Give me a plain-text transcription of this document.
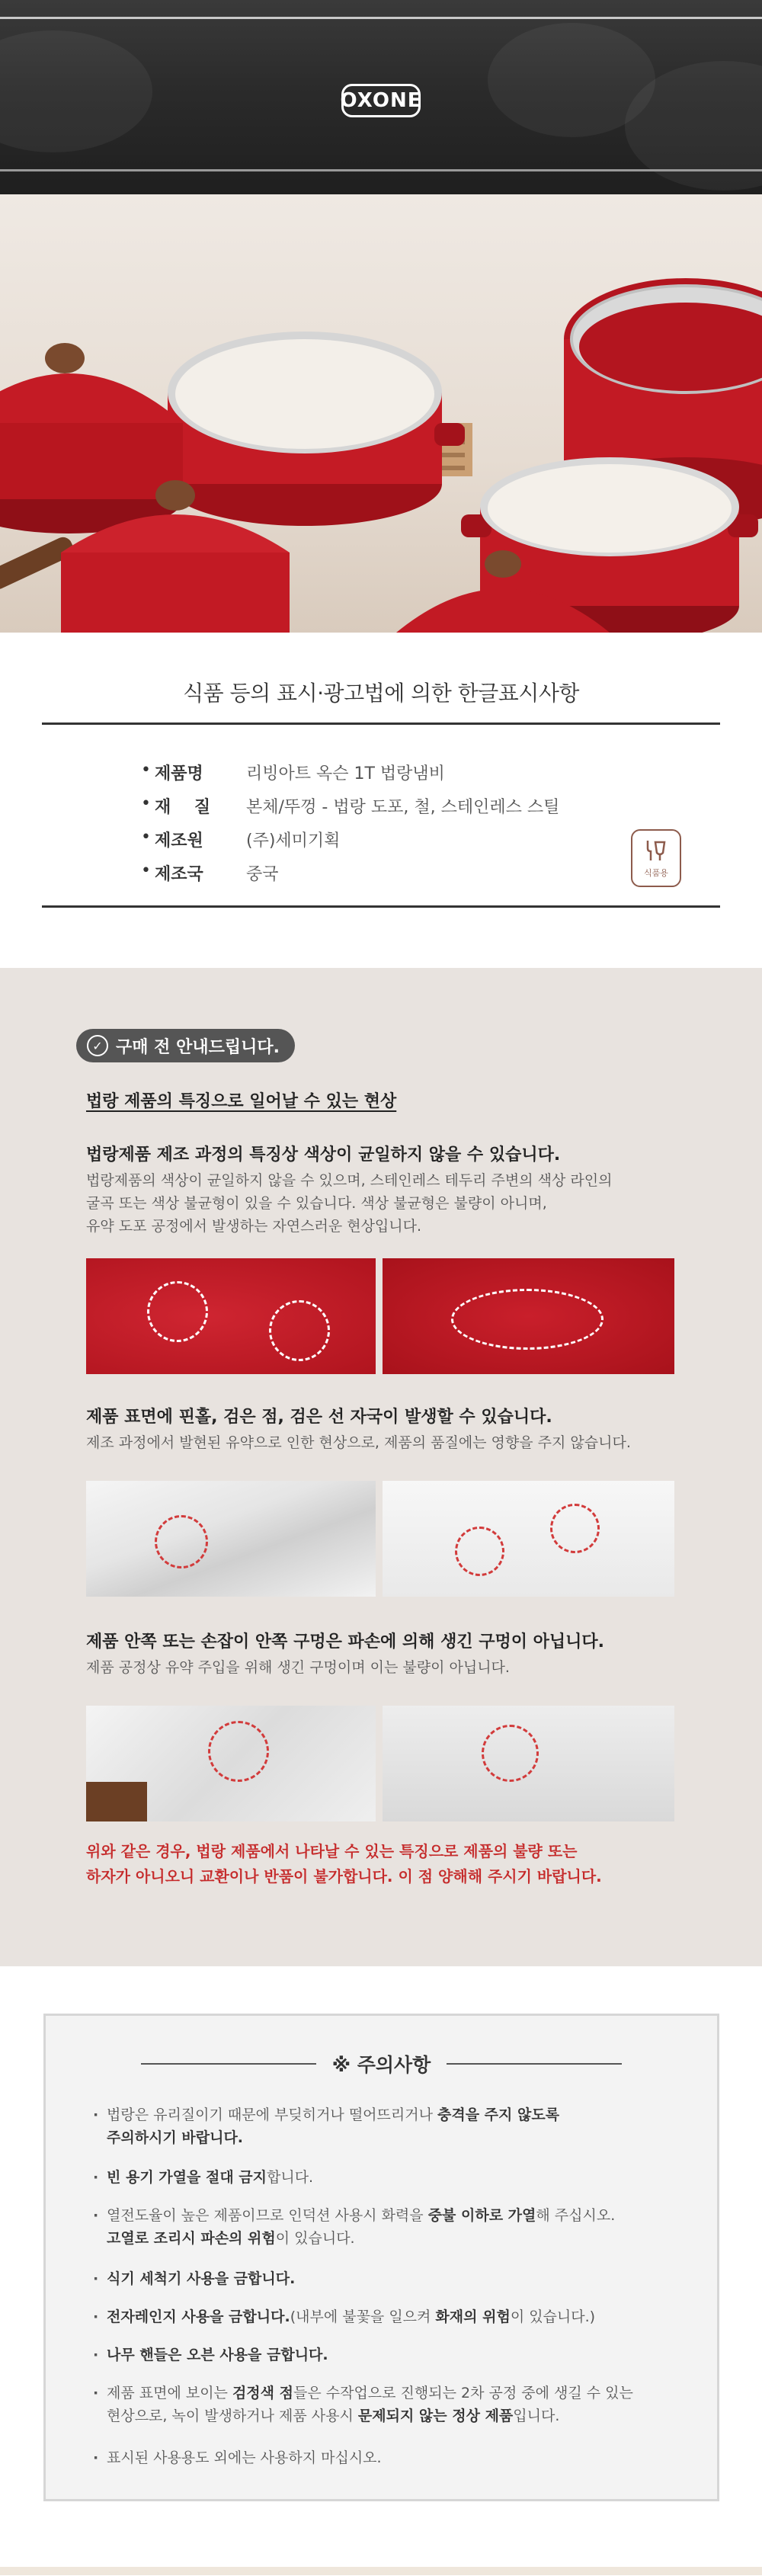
OXONE
식품 등의 표시·광고법에 의한 한글표시사항
• 제품명	리빙아트 옥슨 1T 법랑냄비
• 재    질	본체/뚜껑 - 법랑 도포, 철, 스테인레스 스틸
• 제조원	(주)세미기획
• 제조국	중국	식품용
✓ 구매 전 안내드립니다.
법랑 제품의 특징으로 일어날 수 있는 현상
법랑제품 제조 과정의 특징상 색상이 균일하지 않을 수 있습니다.
법랑제품의 색상이 균일하지 않을 수 있으며, 스테인레스 테두리 주변의 색상 라인의
굴곡 또는 색상 불균형이 있을 수 있습니다. 색상 불균형은 불량이 아니며,
유약 도포 공정에서 발생하는 자연스러운 현상입니다.
제품 표면에 핀홀, 검은 점, 검은 선 자국이 발생할 수 있습니다.
제조 과정에서 발현된 유약으로 인한 현상으로, 제품의 품질에는 영향을 주지 않습니다.
제품 안쪽 또는 손잡이 안쪽 구멍은 파손에 의해 생긴 구멍이 아닙니다.
제품 공정상 유약 주입을 위해 생긴 구멍이며 이는 불량이 아닙니다.
위와 같은 경우, 법랑 제품에서 나타날 수 있는 특징으로 제품의 불량 또는
하자가 아니오니 교환이나 반품이 불가합니다. 이 점 양해해 주시기 바랍니다.
※ 주의사항
· 법랑은 유리질이기 때문에 부딪히거나 떨어뜨리거나 충격을 주지 않도록
주의하시기 바랍니다.
· 빈 용기 가열을 절대 금지합니다.
· 열전도율이 높은 제품이므로 인덕션 사용시 화력을 중불 이하로 가열해 주십시오.
고열로 조리시 파손의 위험이 있습니다.
· 식기 세척기 사용을 금합니다.
· 전자레인지 사용을 금합니다.(내부에 불꽃을 일으켜 화재의 위험이 있습니다.)
· 나무 핸들은 오븐 사용을 금합니다.
· 제품 표면에 보이는 검정색 점들은 수작업으로 진행되는 2차 공정 중에 생길 수 있는
현상으로, 녹이 발생하거나 제품 사용시 문제되지 않는 정상 제품입니다.
· 표시된 사용용도 외에는 사용하지 마십시오.
